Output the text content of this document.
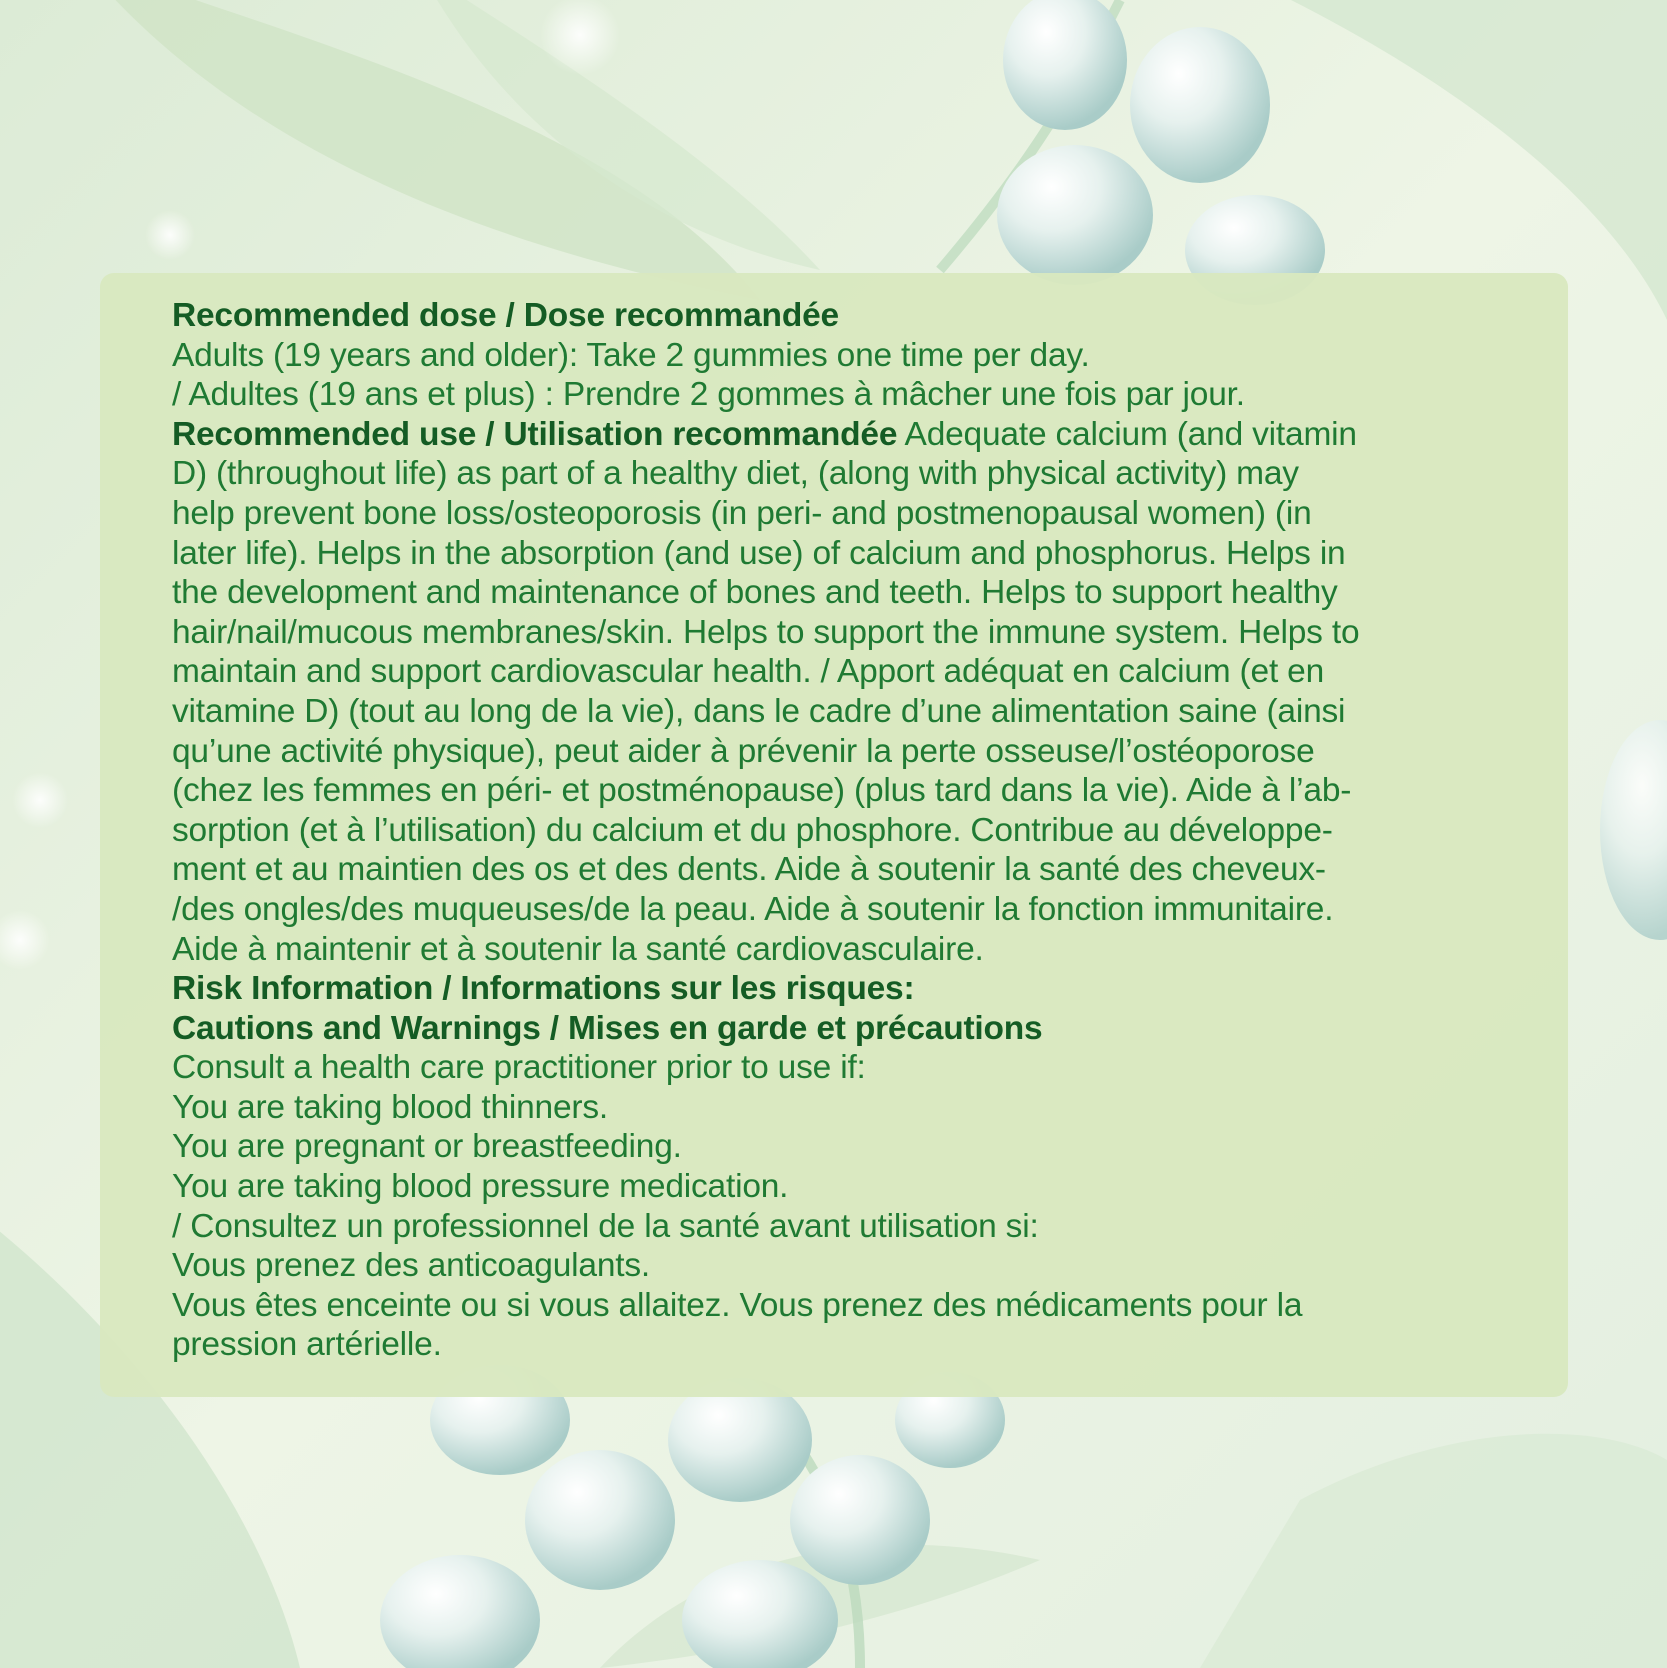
Recommended dose / Dose recommandée

Adults (19 years and older): Take 2 gummies one time per day.

/ Adultes (19 ans et plus) : Prendre 2 gommes à mâcher une fois par jour.

Recommended use / Utilisation recommandée Adequate calcium (and vitamin

D) (throughout life) as part of a healthy diet, (along with physical activity) may

help prevent bone loss/osteoporosis (in peri- and postmenopausal women) (in

later life). Helps in the absorption (and use) of calcium and phosphorus. Helps in

the development and maintenance of bones and teeth. Helps to support healthy

hair/nail/mucous membranes/skin. Helps to support the immune system. Helps to

maintain and support cardiovascular health. / Apport adéquat en calcium (et en

vitamine D) (tout au long de la vie), dans le cadre d’une alimentation saine (ainsi

qu’une activité physique), peut aider à prévenir la perte osseuse/l’ostéoporose

(chez les femmes en péri- et postménopause) (plus tard dans la vie). Aide à l’ab-

sorption (et à l’utilisation) du calcium et du phosphore. Contribue au développe-

ment et au maintien des os et des dents. Aide à soutenir la santé des cheveux-

/des ongles/des muqueuses/de la peau. Aide à soutenir la fonction immunitaire.

Aide à maintenir et à soutenir la santé cardiovasculaire.

Risk Information / Informations sur les risques:

Cautions and Warnings / Mises en garde et précautions

Consult a health care practitioner prior to use if:

You are taking blood thinners.

You are pregnant or breastfeeding.

You are taking blood pressure medication.

/ Consultez un professionnel de la santé avant utilisation si:

Vous prenez des anticoagulants.

Vous êtes enceinte ou si vous allaitez. Vous prenez des médicaments pour la

pression artérielle.
